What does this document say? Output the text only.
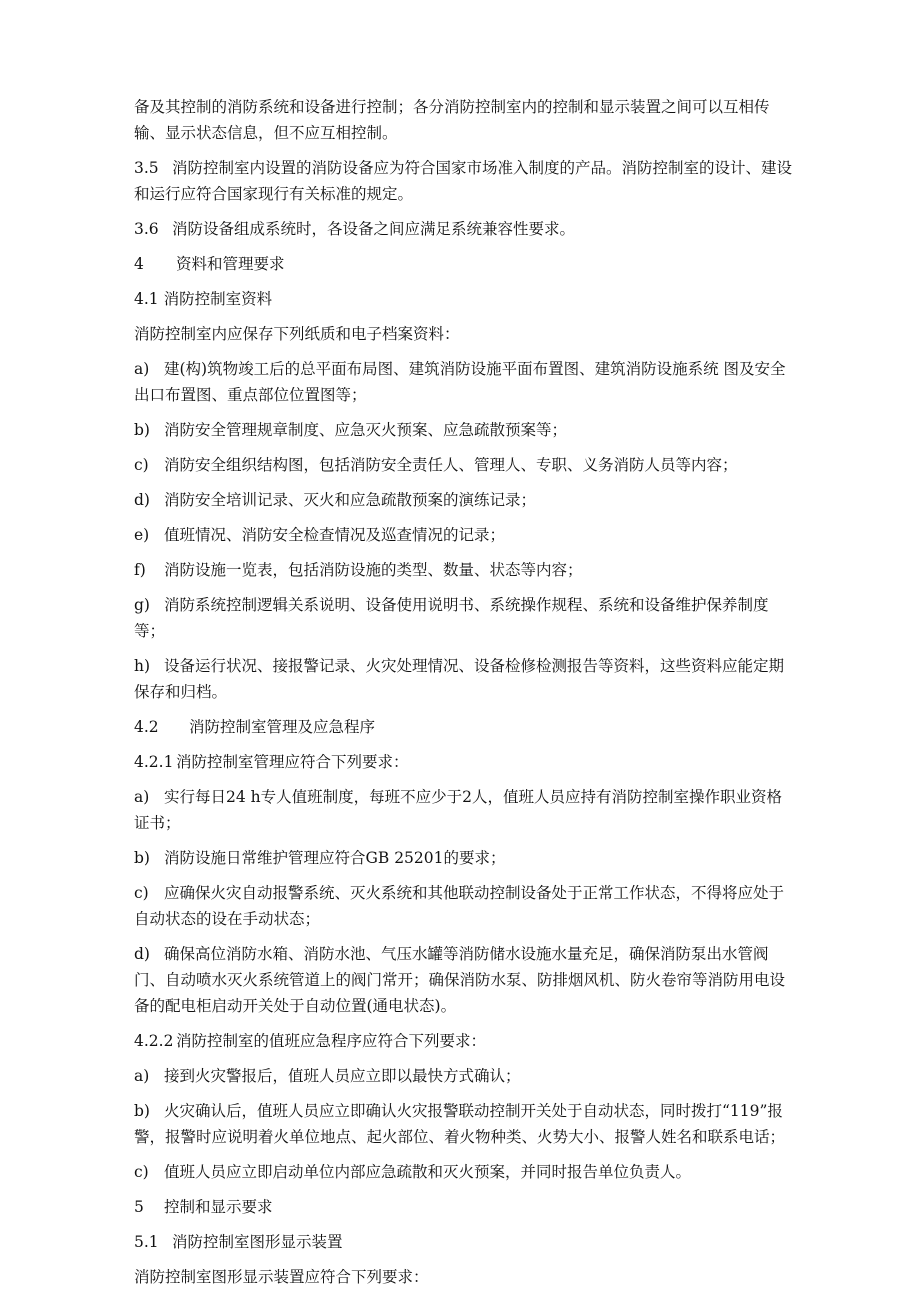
备及其控制的消防系统和设备进行控制；各分消防控制室内的控制和显示装置之间可以互相传输、显示状态信息，但不应互相控制。
3.5 消防控制室内设置的消防设备应为符合国家市场准入制度的产品。消防控制室的设计、建设和运行应符合国家现行有关标准的规定。
3.6 消防设备组成系统时，各设备之间应满足系统兼容性要求。
4 资料和管理要求
4.1 消防控制室资料
消防控制室内应保存下列纸质和电子档案资料：
a) 建(构)筑物竣工后的总平面布局图、建筑消防设施平面布置图、建筑消防设施系统 图及安全出口布置图、重点部位位置图等；
b) 消防安全管理规章制度、应急灭火预案、应急疏散预案等；
c) 消防安全组织结构图，包括消防安全责任人、管理人、专职、义务消防人员等内容；
d) 消防安全培训记录、灭火和应急疏散预案的演练记录；
e) 值班情况、消防安全检查情况及巡查情况的记录；
f) 消防设施一览表，包括消防设施的类型、数量、状态等内容；
g) 消防系统控制逻辑关系说明、设备使用说明书、系统操作规程、系统和设备维护保养制度等；
h) 设备运行状况、接报警记录、火灾处理情况、设备检修检测报告等资料，这些资料应能定期保存和归档。
4.2 消防控制室管理及应急程序
4.2.1 消防控制室管理应符合下列要求：
a) 实行每日24 h专人值班制度，每班不应少于2人，值班人员应持有消防控制室操作职业资格证书；
b) 消防设施日常维护管理应符合GB 25201的要求；
c) 应确保火灾自动报警系统、灭火系统和其他联动控制设备处于正常工作状态，不得将应处于自动状态的设在手动状态；
d) 确保高位消防水箱、消防水池、气压水罐等消防储水设施水量充足，确保消防泵出水管阀门、自动喷水灭火系统管道上的阀门常开；确保消防水泵、防排烟风机、防火卷帘等消防用电设备的配电柜启动开关处于自动位置(通电状态)。
4.2.2 消防控制室的值班应急程序应符合下列要求：
a) 接到火灾警报后，值班人员应立即以最快方式确认；
b) 火灾确认后，值班人员应立即确认火灾报警联动控制开关处于自动状态，同时拨打“119”报警，报警时应说明着火单位地点、起火部位、着火物种类、火势大小、报警人姓名和联系电话；
c) 值班人员应立即启动单位内部应急疏散和灭火预案，并同时报告单位负责人。
5 控制和显示要求
5.1 消防控制室图形显示装置
消防控制室图形显示装置应符合下列要求：
